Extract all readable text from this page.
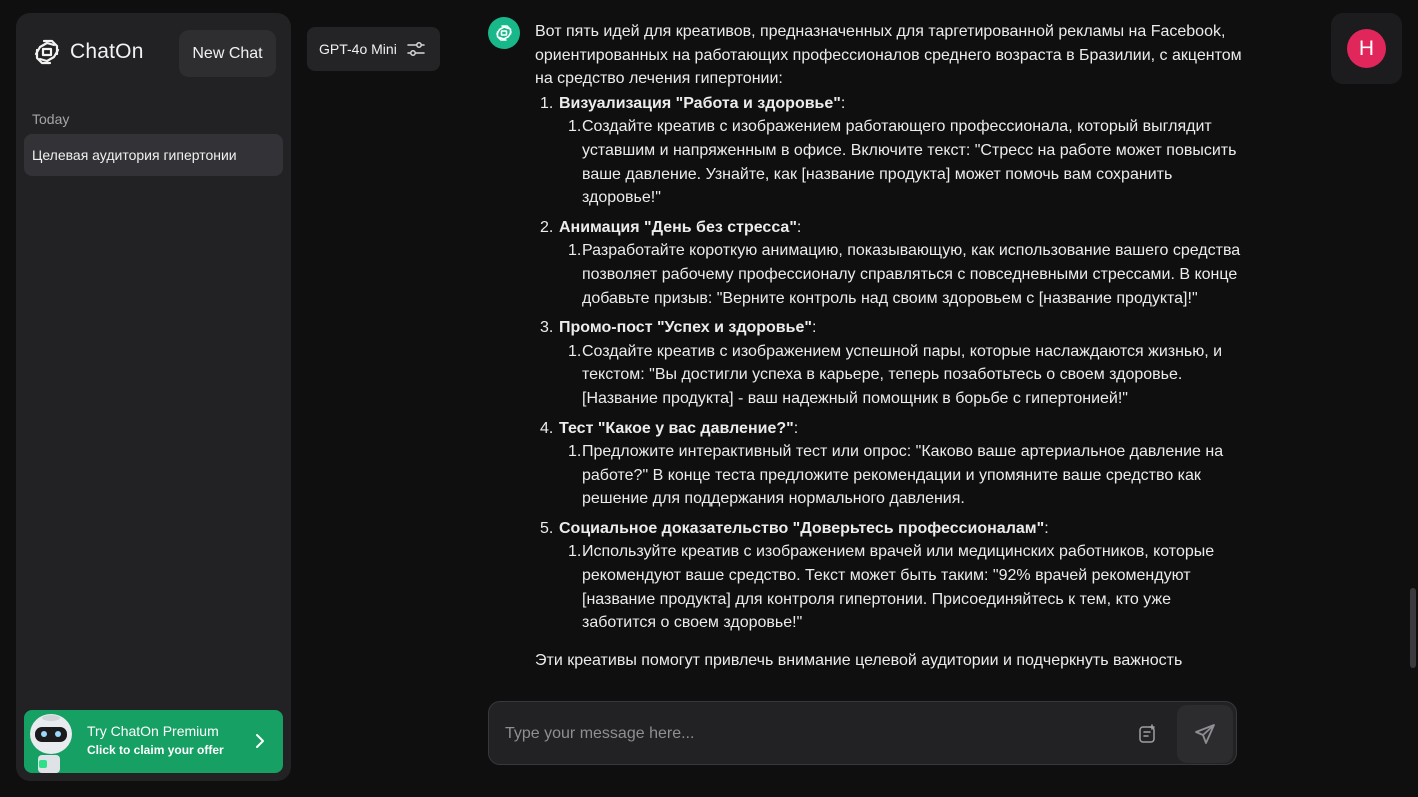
ChatOn	New Chat
Today
Целевая аудитория гипертонии
Try ChatOn Premium
Click to claim your offer
GPT-4o Mini	H

Вот пять идей для креативов, предназначенных для таргетированной рекламы на Facebook, ориентированных на работающих профессионалов среднего возраста в Бразилии, с акцентом на средство лечения гипертонии:

1. Визуализация "Работа и здоровье":
1. Создайте креатив с изображением работающего профессионала, который выглядит уставшим и напряженным в офисе. Включите текст: "Стресс на работе может повысить ваше давление. Узнайте, как [название продукта] может помочь вам сохранить здоровье!"
2. Анимация "День без стресса":
1. Разработайте короткую анимацию, показывающую, как использование вашего средства позволяет рабочему профессионалу справляться с повседневными стрессами. В конце добавьте призыв: "Верните контроль над своим здоровьем с [название продукта]!"
3. Промо-пост "Успех и здоровье":
1. Создайте креатив с изображением успешной пары, которые наслаждаются жизнью, и текстом: "Вы достигли успеха в карьере, теперь позаботьтесь о своем здоровье. [Название продукта] - ваш надежный помощник в борьбе с гипертонией!"
4. Тест "Какое у вас давление?":
1. Предложите интерактивный тест или опрос: "Каково ваше артериальное давление на работе?" В конце теста предложите рекомендации и упомяните ваше средство как решение для поддержания нормального давления.
5. Социальное доказательство "Доверьтесь профессионалам":
1. Используйте креатив с изображением врачей или медицинских работников, которые рекомендуют ваше средство. Текст может быть таким: "92% врачей рекомендуют [название продукта] для контроля гипертонии. Присоединяйтесь к тем, кто уже заботится о своем здоровье!"

Эти креативы помогут привлечь внимание целевой аудитории и подчеркнуть важность

Type your message here...
